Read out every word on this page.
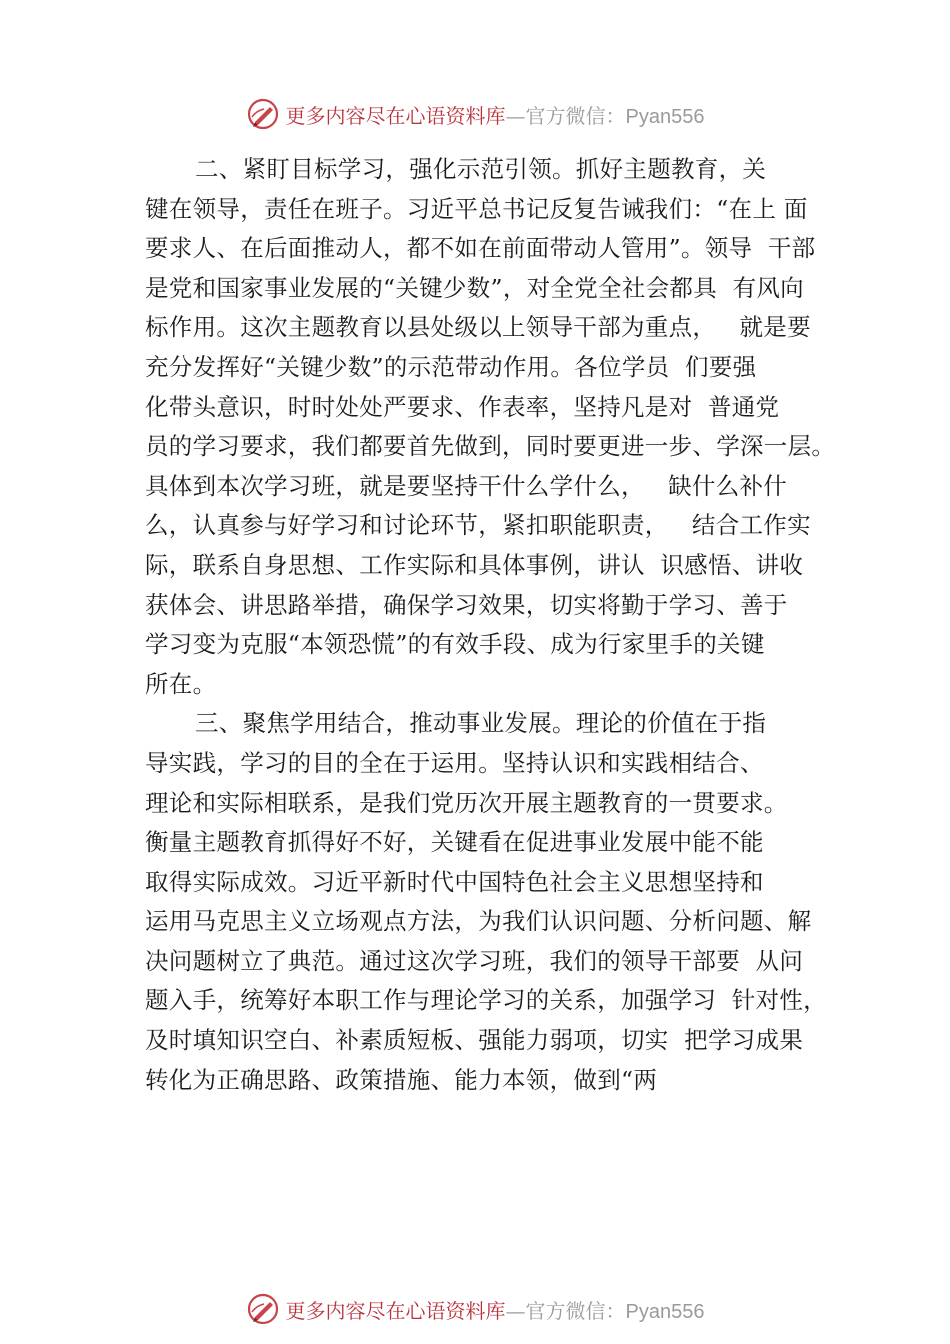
更多内容尽在心语资料库—官方微信：Pyan556
二、紧盯目标学习，强化示范引领。抓好主题教育，关
键在领导，责任在班子。习近平总书记反复告诫我们：“在上 面
要求人、在后面推动人，都不如在前面带动人管用”。领导  干部
是党和国家事业发展的“关键少数”，对全党全社会都具  有风向
标作用。这次主题教育以县处级以上领导干部为重点，   就是要
充分发挥好“关键少数”的示范带动作用。各位学员  们要强
化带头意识，时时处处严要求、作表率，坚持凡是对  普通党
员的学习要求，我们都要首先做到，同时要更进一步、学深一层。
具体到本次学习班，就是要坚持干什么学什么，   缺什么补什
么，认真参与好学习和讨论环节，紧扣职能职责，   结合工作实
际，联系自身思想、工作实际和具体事例，讲认  识感悟、讲收
获体会、讲思路举措，确保学习效果，切实将勤于学习、善于
学习变为克服“本领恐慌”的有效手段、成为行家里手的关键
所在。
三、聚焦学用结合，推动事业发展。理论的价值在于指
导实践，学习的目的全在于运用。坚持认识和实践相结合、
理论和实际相联系，是我们党历次开展主题教育的一贯要求。
衡量主题教育抓得好不好，关键看在促进事业发展中能不能
取得实际成效。习近平新时代中国特色社会主义思想坚持和
运用马克思主义立场观点方法，为我们认识问题、分析问题、解
决问题树立了典范。通过这次学习班，我们的领导干部要  从问
题入手，统筹好本职工作与理论学习的关系，加强学习  针对性，
及时填知识空白、补素质短板、强能力弱项，切实  把学习成果
转化为正确思路、政策措施、能力本领，做到“两
更多内容尽在心语资料库—官方微信：Pyan556
